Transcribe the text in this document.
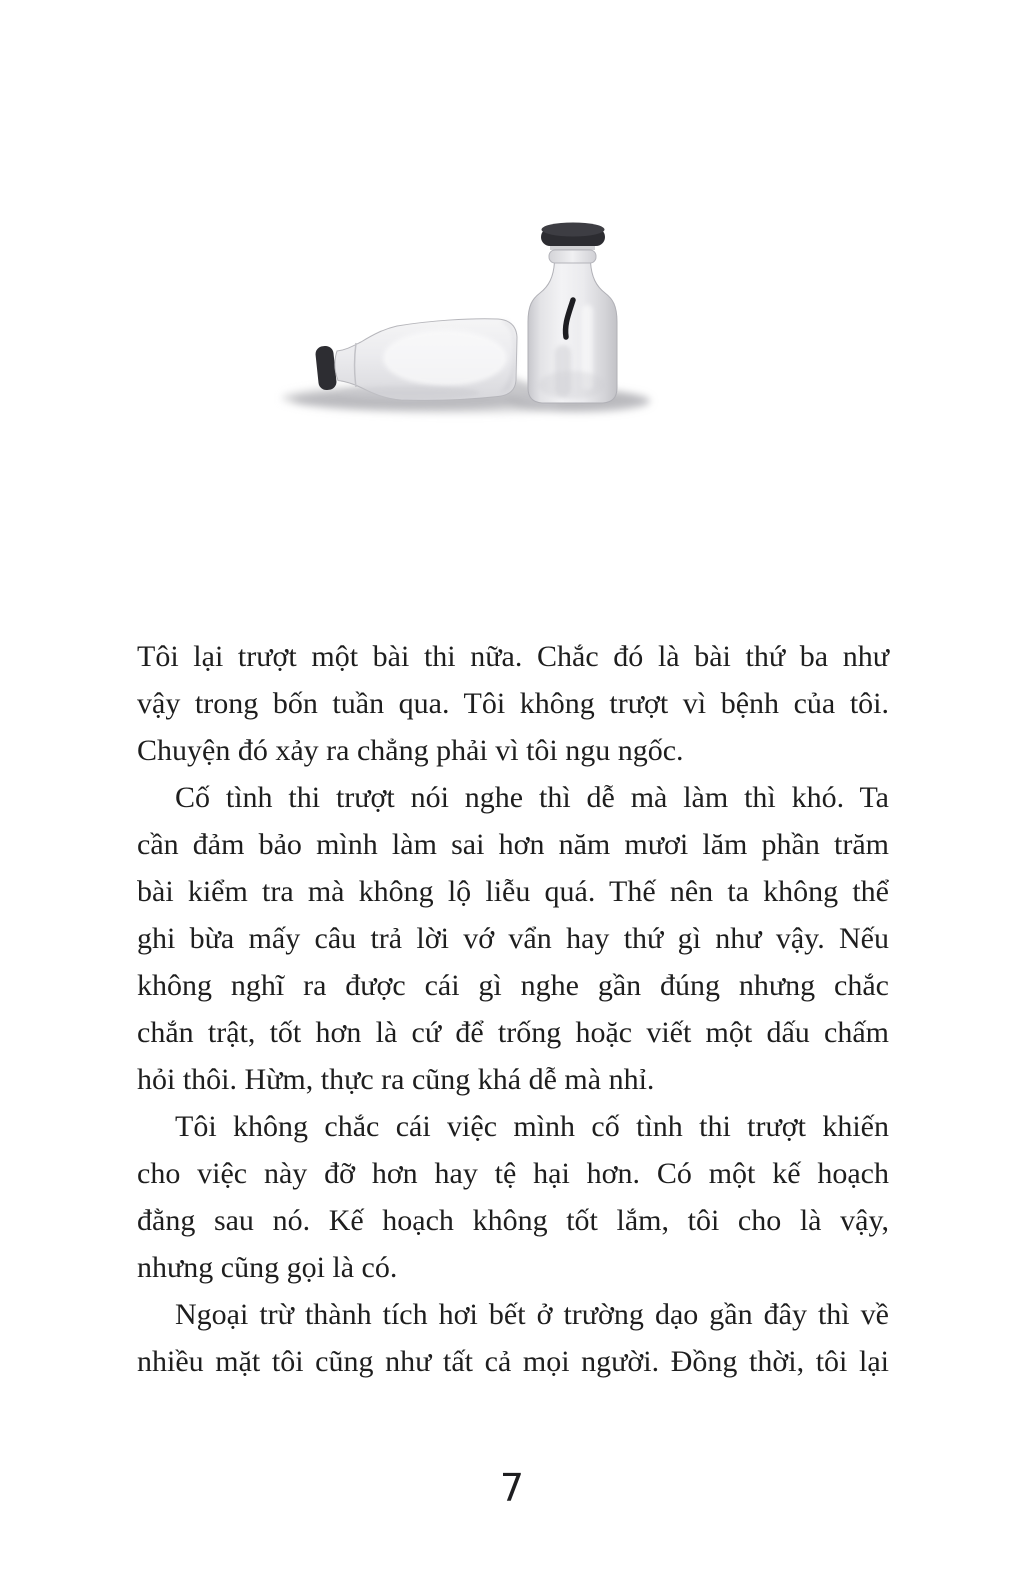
Tôi lại trượt một bài thi nữa. Chắc đó là bài thứ ba như
vậy trong bốn tuần qua. Tôi không trượt vì bệnh của tôi.
Chuyện đó xảy ra chẳng phải vì tôi ngu ngốc.
Cố tình thi trượt nói nghe thì dễ mà làm thì khó. Ta
cần đảm bảo mình làm sai hơn năm mươi lăm phần trăm
bài kiểm tra mà không lộ liễu quá. Thế nên ta không thể
ghi bừa mấy câu trả lời vớ vẩn hay thứ gì như vậy. Nếu
không nghĩ ra được cái gì nghe gần đúng nhưng chắc
chắn trật, tốt hơn là cứ để trống hoặc viết một dấu chấm
hỏi thôi. Hừm, thực ra cũng khá dễ mà nhỉ.
Tôi không chắc cái việc mình cố tình thi trượt khiến
cho việc này đỡ hơn hay tệ hại hơn. Có một kế hoạch
đằng sau nó. Kế hoạch không tốt lắm, tôi cho là vậy,
nhưng cũng gọi là có.
Ngoại trừ thành tích hơi bết ở trường dạo gần đây thì về
nhiều mặt tôi cũng như tất cả mọi người. Đồng thời, tôi lại
7
